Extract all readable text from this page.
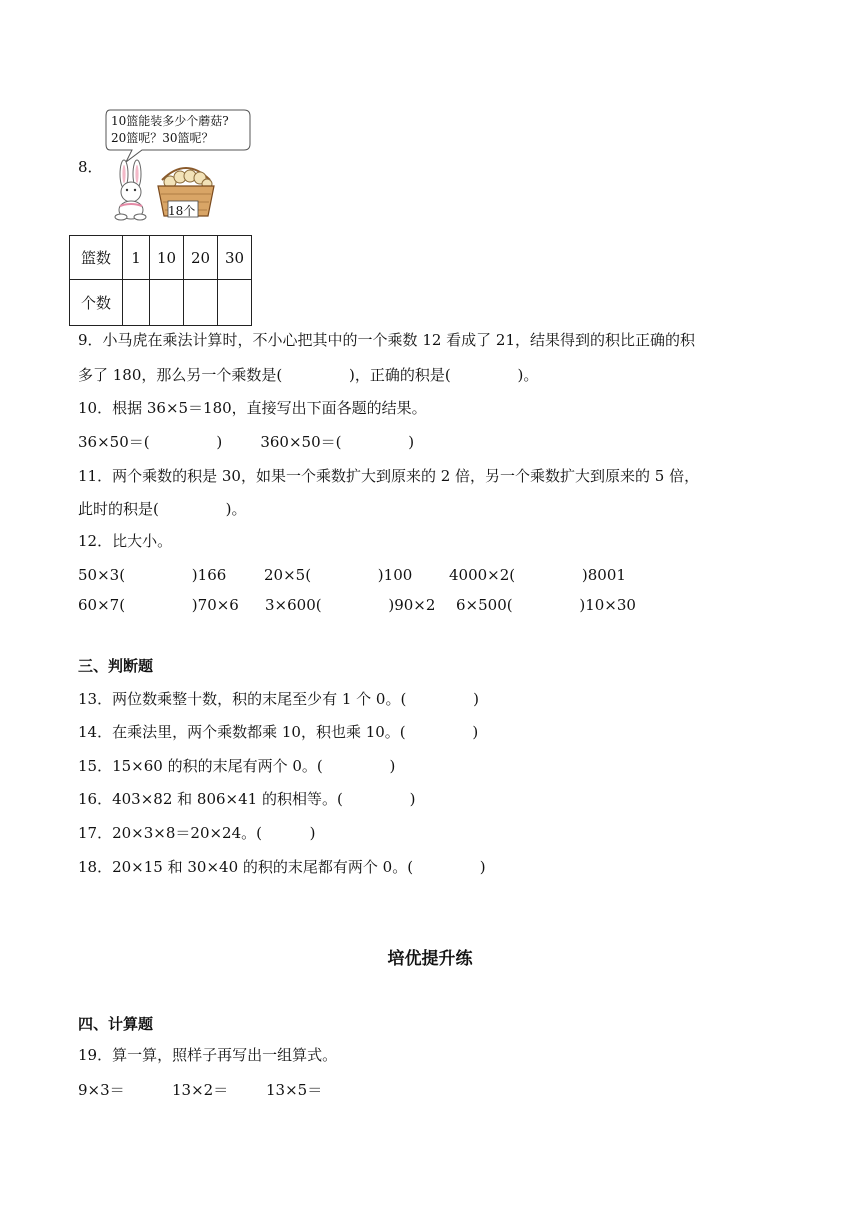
8．
10篮能装多少个蘑菇?
20篮呢？30篮呢？
18个
篮数	1	10	20	30
个数				
9．小马虎在乘法计算时，不小心把其中的一个乘数 12 看成了 21，结果得到的积比正确的积
多了 180，那么另一个乘数是(              )，正确的积是(              )。
10．根据 36×5＝180，直接写出下面各题的结果。
36×50＝(              )        360×50＝(              )
11．两个乘数的积是 30，如果一个乘数扩大到原来的 2 倍，另一个乘数扩大到原来的 5 倍，
此时的积是(              )。
12．比大小。
50×3(              )166	20×5(              )100 4000×2(              )8001
60×7(              )70×6 3×600(              )90×2 6×500(              )10×30
三、判断题
13．两位数乘整十数，积的末尾至少有 1 个 0。(              )
14．在乘法里，两个乘数都乘 10，积也乘 10。(              )
15．15×60 的积的末尾有两个 0。(              )
16．403×82 和 806×41 的积相等。(              )
17．20×3×8＝20×24。(          )
18．20×15 和 30×40 的积的末尾都有两个 0。(              )
培优提升练
四、计算题
19．算一算，照样子再写出一组算式。
9×3＝	13×2＝	13×5＝
